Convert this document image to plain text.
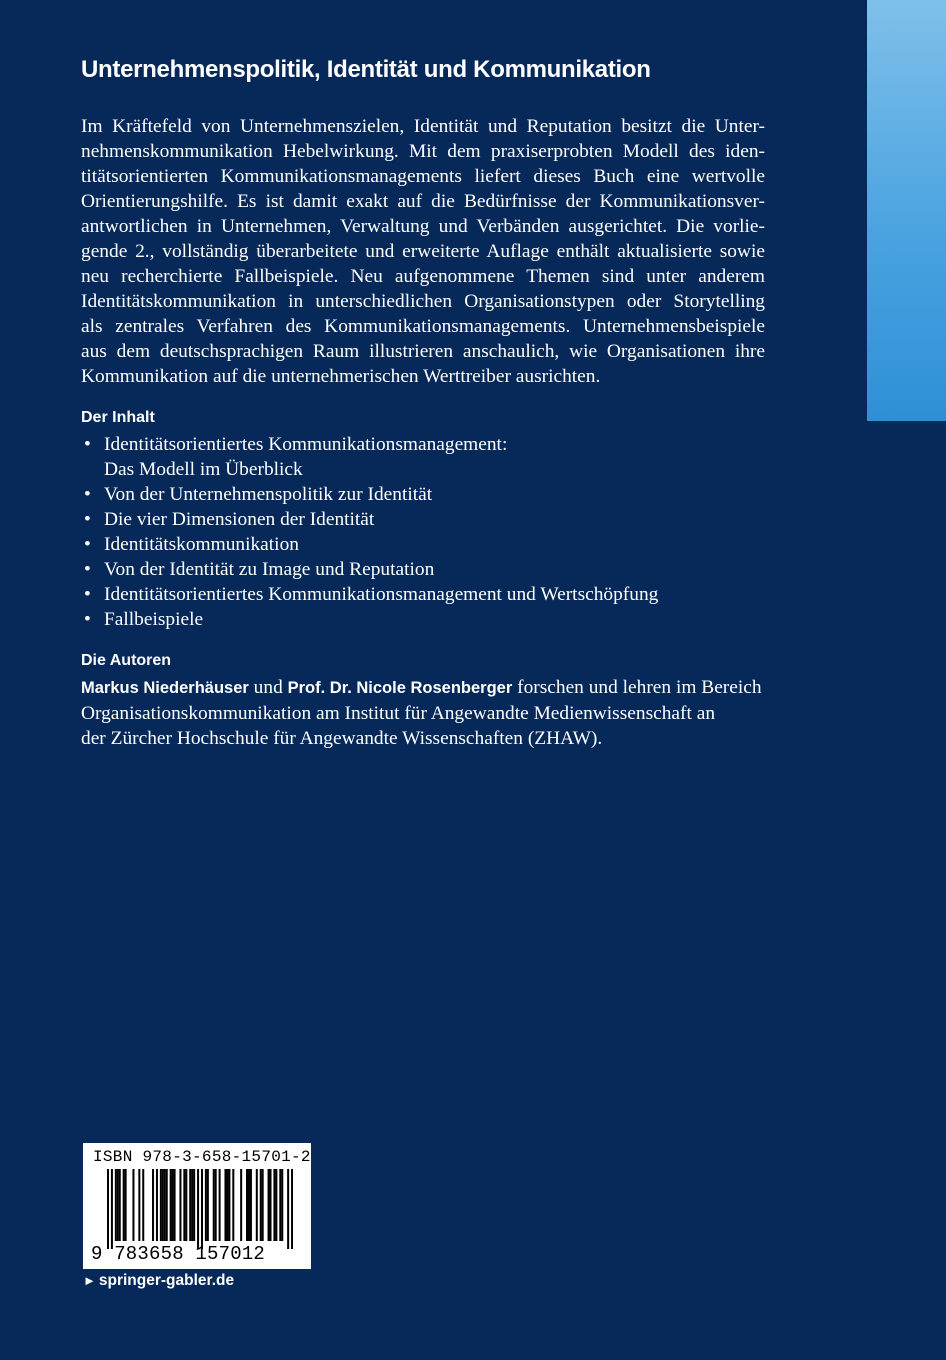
Unternehmenspolitik, Identität und Kommunikation
Im Kräftefeld von Unternehmenszielen, Identität und Reputation besitzt die Unter-
nehmenskommunikation Hebelwirkung. Mit dem praxiserprobten Modell des iden-
titätsorientierten Kommunikationsmanagements liefert dieses Buch eine wertvolle
Orientierungshilfe. Es ist damit exakt auf die Bedürfnisse der Kommunikationsver-
antwortlichen in Unternehmen, Verwaltung und Verbänden ausgerichtet. Die vorlie-
gende 2., vollständig überarbeitete und erweiterte Auflage enthält aktualisierte sowie
neu recherchierte Fallbeispiele. Neu aufgenommene Themen sind unter anderem
Identitätskommunikation in unterschiedlichen Organisationstypen oder Storytelling
als zentrales Verfahren des Kommunikationsmanagements. Unternehmensbeispiele
aus dem deutschsprachigen Raum illustrieren anschaulich, wie Organisationen ihre
Kommunikation auf die unternehmerischen Werttreiber ausrichten.
Der Inhalt
• Identitätsorientiertes Kommunikationsmanagement:
Das Modell im Überblick
• Von der Unternehmenspolitik zur Identität
• Die vier Dimensionen der Identität
• Identitätskommunikation
• Von der Identität zu Image und Reputation
• Identitätsorientiertes Kommunikationsmanagement und Wertschöpfung
• Fallbeispiele
Die Autoren
Markus Niederhäuser und Prof. Dr. Nicole Rosenberger forschen und lehren im Bereich
Organisationskommunikation am Institut für Angewandte Medienwissenschaft an
der Zürcher Hochschule für Angewandte Wissenschaften (ZHAW).
ISBN 978-3-658-15701-2
9 783658 157012
► springer-gabler.de
